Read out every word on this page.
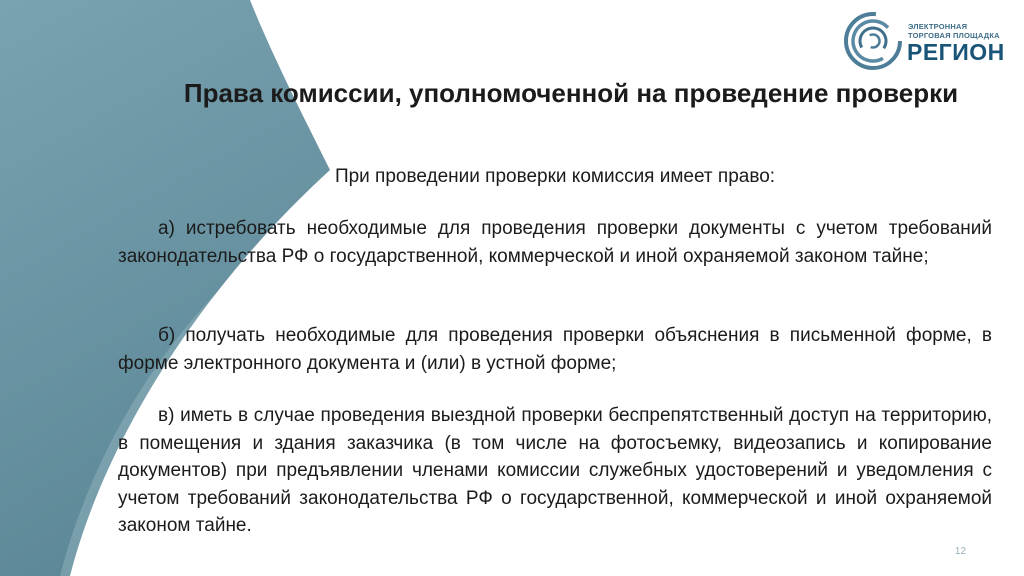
ЭЛЕКТРОННАЯ
ТОРГОВАЯ ПЛОЩАДКА
РЕГИОН
Права комиссии, уполномоченной на проведение проверки

При проведении проверки комиссия имеет право:

а) истребовать необходимые для проведения проверки документы с учетом требований законодательства РФ о государственной, коммерческой и иной охраняемой законом тайне;

б) получать необходимые для проведения проверки объяснения в письменной форме, в форме электронного документа и (или) в устной форме;

в) иметь в случае проведения выездной проверки беспрепятственный доступ на территорию, в помещения и здания заказчика (в том числе на фотосъемку, видеозапись и копирование документов) при предъявлении членами комиссии служебных удостоверений и уведомления с учетом требований законодательства РФ о государственной, коммерческой и иной охраняемой законом тайне.

12
